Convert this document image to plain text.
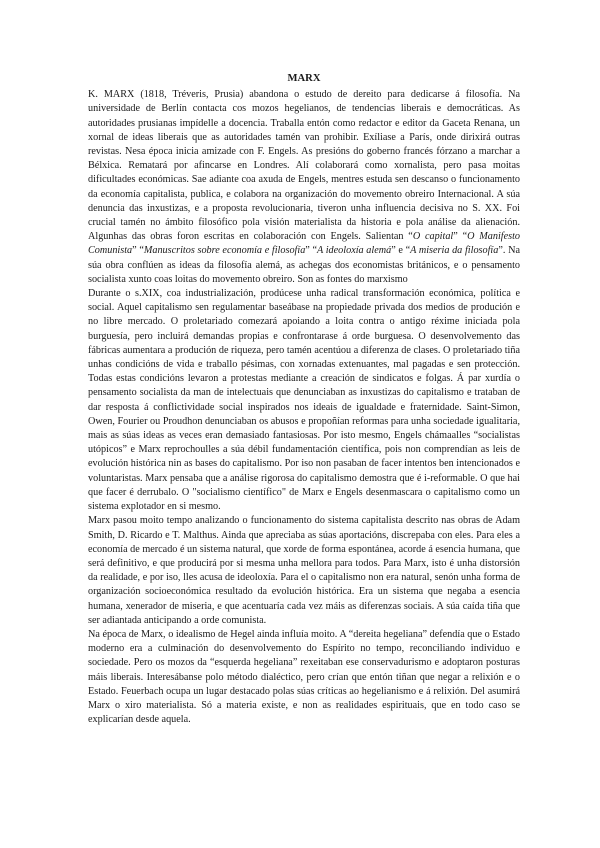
MARX

K. MARX (1818, Tréveris, Prusia) abandona o estudo de dereito para dedicarse á filosofía. Na universidade de Berlín contacta cos mozos hegelianos, de tendencias liberais e democráticas. As autoridades prusianas impídelle a docencia. Traballa entón como redactor e editor da Gaceta Renana, un xornal de ideas liberais que as autoridades tamén van prohibir. Exíliase a París, onde dirixirá outras revistas. Nesa época inicia amizade con F. Engels. As presións do goberno francés fórzano a marchar a Bélxica. Rematará por afincarse en Londres. Alí colaborará como xornalista, pero pasa moitas dificultades económicas. Sae adiante coa axuda de Engels, mentres estuda sen descanso o funcionamento da economía capitalista, publica, e colabora na organización do movemento obreiro Internacional. A súa denuncia das inxustizas, e a proposta revolucionaria, tiveron unha influencia decisiva no S. XX. Foi crucial tamén no ámbito filosófico pola visión materialista da historia e pola análise da alienación. Algunhas das obras foron escritas en colaboración con Engels. Salientan “O capital” “O Manifesto Comunista” “Manuscritos sobre economía e filosofía” “A ideoloxía alemá” e “A miseria da filosofía”. Na súa obra conflúen as ideas da filosofía alemá, as achegas dos economistas británicos, e o pensamento socialista xunto coas loitas do movemento obreiro. Son as fontes do marxismo

Durante o s.XIX, coa industrialización, prodúcese unha radical transformación económica, política e social. Aquel capitalismo sen regulamentar baseábase na propiedade privada dos medios de produción e no libre mercado. O proletariado comezará apoiando a loita contra o antigo réxime iniciada pola burguesía, pero incluirá demandas propias e confrontarase á orde burguesa. O desenvolvemento das fábricas aumentara a produción de riqueza, pero tamén acentúou a diferenza de clases. O proletariado tiña unhas condicións de vida e traballo pésimas, con xornadas extenuantes, mal pagadas e sen protección. Todas estas condicións levaron a protestas mediante a creación de sindicatos e folgas. Á par xurdía o pensamento socialista da man de intelectuais que denunciaban as inxustizas do capitalismo e trataban de dar resposta á conflictividade social inspirados nos ideais de igualdade e fraternidade. Saint-Simon, Owen, Fourier ou Proudhon denunciaban os abusos e propoñían reformas para unha sociedade igualitaria, mais as súas ideas as veces eran demasiado fantasiosas. Por isto mesmo, Engels chámaalles “socialistas utópicos” e Marx reprochoulles a súa débil fundamentación científica, pois non comprendían as leis de evolución histórica nin as bases do capitalismo. Por iso non pasaban de facer intentos ben intencionados e voluntaristas. Marx pensaba que a análise rigorosa do capitalismo demostra que é i-reformable. O que hai que facer é derrubalo. O "socialismo científico" de Marx e Engels desenmascara o capitalismo como un sistema explotador en si mesmo.

Marx pasou moito tempo analizando o funcionamento do sistema capitalista descrito nas obras de Adam Smith, D. Ricardo e T. Malthus. Ainda que apreciaba as súas aportacións, discrepaba con eles. Para eles a economía de mercado é un sistema natural, que xorde de forma espontánea, acorde á esencia humana, que será definitivo, e que producirá por si mesma unha mellora para todos. Para Marx, isto é unha distorsión da realidade, e por iso, lles acusa de ideoloxía. Para el o capitalismo non era natural, senón unha forma de organización socioeconómica resultado da evolución histórica. Era un sistema que negaba a esencia humana, xenerador de miseria, e que acentuaría cada vez máis as diferenzas sociais. A súa caída tiña que ser adiantada anticipando a orde comunista.

Na época de Marx, o idealismo de Hegel ainda influía moito. A “dereita hegeliana” defendía que o Estado moderno era a culminación do desenvolvemento do Espírito no tempo, reconciliando individuo e sociedade. Pero os mozos da “esquerda hegeliana” rexeitaban ese conservadurismo e adoptaron posturas máis liberais. Interesábanse polo método dialéctico, pero crían que entón tiñan que negar a relixión e o Estado. Feuerbach ocupa un lugar destacado polas súas críticas ao hegelianismo e á relixión. Del asumirá Marx o xiro materialista. Só a materia existe, e non as realidades espirituais, que en todo caso se explicarían desde aquela.
